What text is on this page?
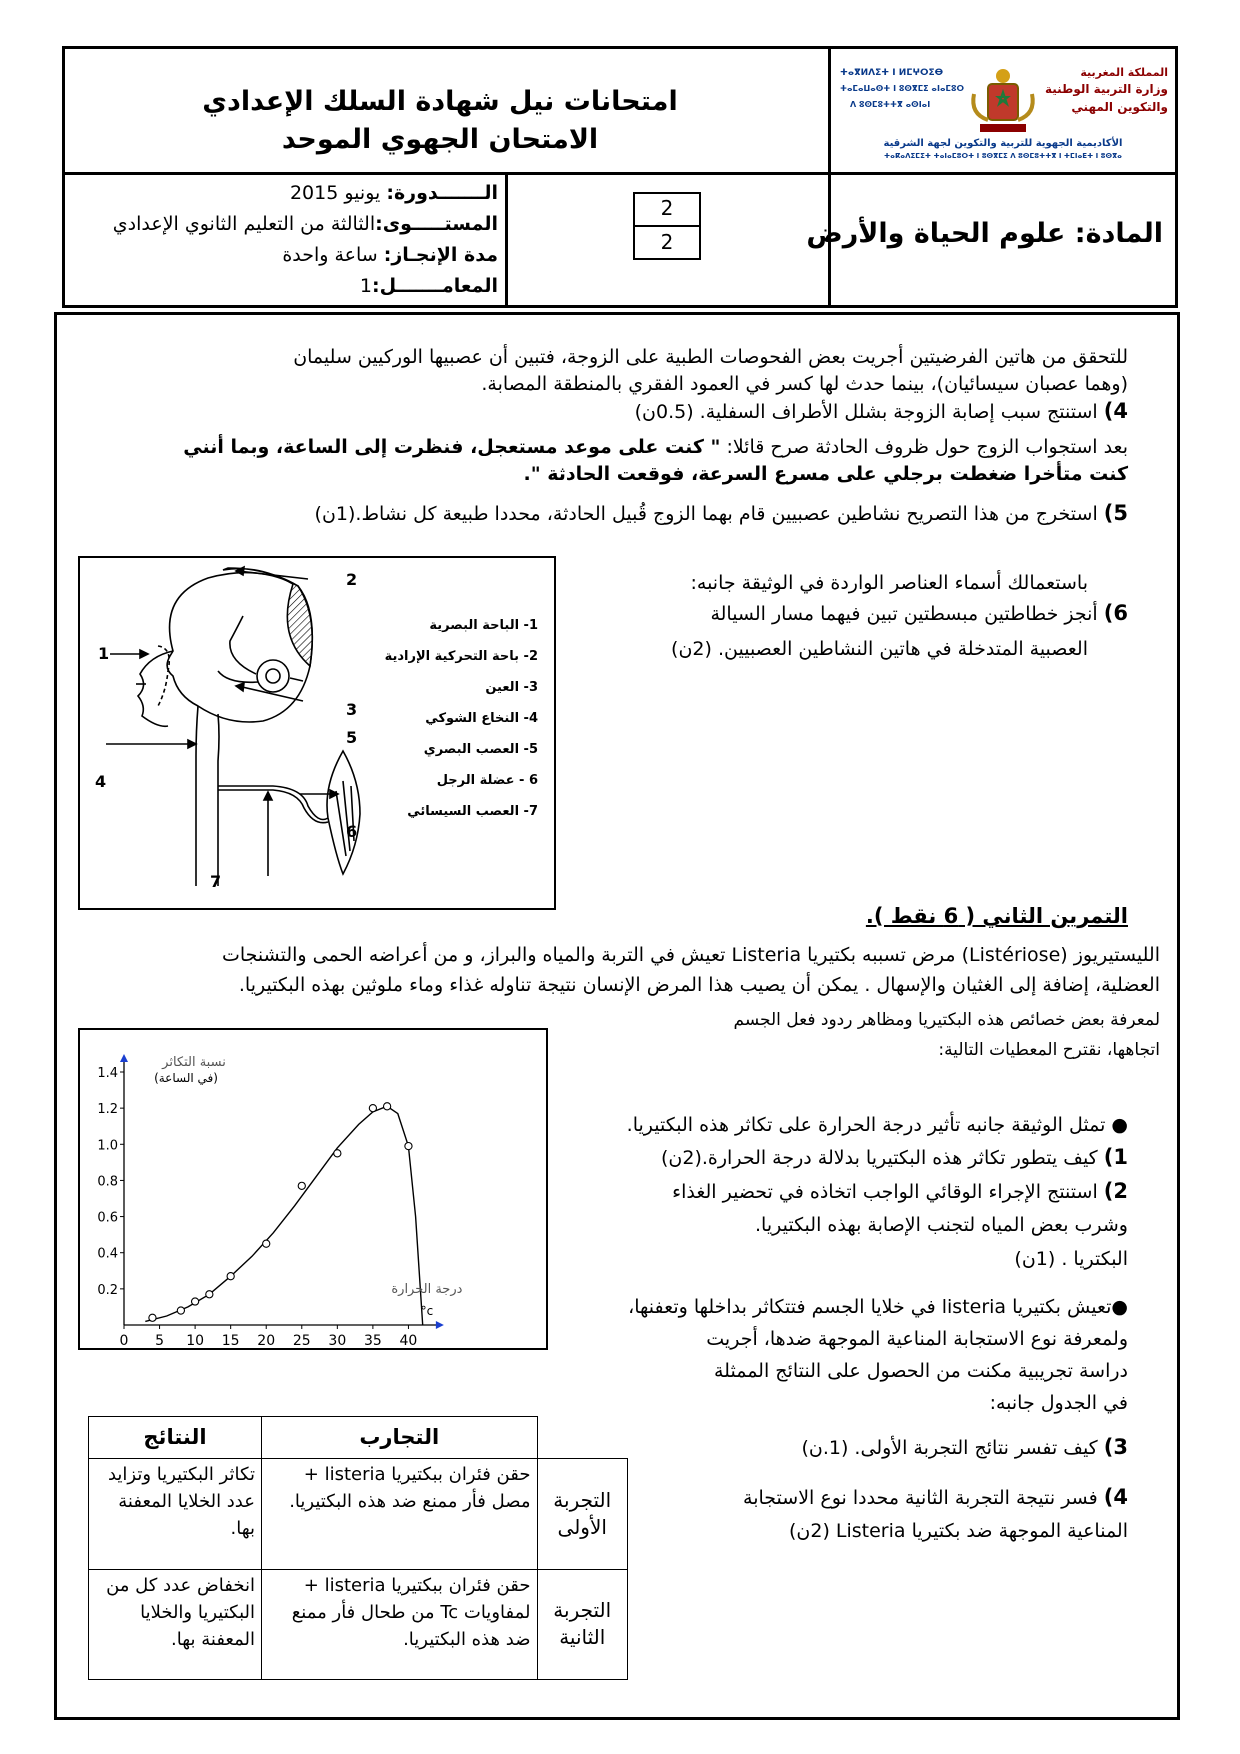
امتحانات نيل شهادة السلك الإعدادي
الامتحان الجهوي الموحد
المملكة المغربية
وزارة التربية الوطنية
والتكوين المهني
ⵜⴰⴳⵍⴷⵉⵜ ⵏ ⵍⵎⵖⵔⵉⴱ
ⵜⴰⵎⴰⵡⴰⵙⵜ ⵏ ⵓⵙⴳⵎⵉ ⴰⵏⴰⵎⵓⵔ
ⴷ ⵓⵙⵎⵓⵜⵜⴳ ⴰⵙⵏⴰⵏ
الأكاديمية الجهوية للتربية والتكوين لجهة الشرقية
ⵜⴰⴽⴰⴷⵉⵎⵉⵜ ⵜⴰⵏⴰⵎⵓⵔⵜ ⵏ ⵓⵙⴳⵎⵉ ⴷ ⵓⵙⵎⵓⵜⵜⴳ ⵏ ⵜⵎⵏⴰⴹⵜ ⵏ ⵓⵙⴳⴰ
المادة: علوم الحياة والأرض
2
2
الـــــــدورة: يونيو 2015
المستـــــوى:الثالثة من التعليم الثانوي الإعدادي
مدة الإنجـاز: ساعة واحدة
المعامـــــــل:1
للتحقق من هاتين الفرضيتين أجريت بعض الفحوصات الطبية على الزوجة، فتبين أن عصبيها الوركيين سليمان
(وهما عصبان سيسائيان)، بينما حدث لها كسر في العمود الفقري بالمنطقة المصابة.
4) استنتج سبب إصابة الزوجة بشلل الأطراف السفلية. (0.5ن)
بعد استجواب الزوج حول ظروف الحادثة صرح قائلا: " كنت على موعد مستعجل، فنظرت إلى الساعة، وبما أنني
كنت متأخرا ضغطت برجلي على مسرع السرعة، فوقعت الحادثة ".
5) استخرج من هذا التصريح نشاطين عصبيين قام بهما الزوج قُبيل الحادثة، محددا طبيعة كل نشاط.(1ن)
باستعمالك أسماء العناصر الواردة في الوثيقة جانبه:
6) أنجز خطاطتين مبسطتين تبين فيهما مسار السيالة
العصبية المتدخلة في هاتين النشاطين العصبيين. (2ن)
1
2
3
5
4
6
7
1- الباحة البصرية
2- باحة التحركية الإرادية
3- العين
4- النخاع الشوكي
5- العصب البصري
6 - عضلة الرجل
7- العصب السيسائي
التمرين الثاني ( 6 نقط ).
الليستيريوز (Listériose) مرض تسببه بكتيريا Listeria تعيش في التربة والمياه والبراز، و من أعراضه الحمى والتشنجات
العضلية، إضافة إلى الغثيان والإسهال . يمكن أن يصيب هذا المرض الإنسان نتيجة تناوله غذاء وماء ملوثين بهذه البكتيريا.
لمعرفة بعض خصائص هذه البكتيريا ومظاهر ردود فعل الجسم
اتجاهها، نقترح المعطيات التالية:
0 5 10 15 20 25 30 35 40
0.2
0.4
0.6
0.8
1.0
1.2
1.4
نسبة التكاثر
(في الساعة)
درجة الحرارة
°c
● تمثل الوثيقة جانبه تأثير درجة الحرارة على تكاثر هذه البكتيريا.
1) كيف يتطور تكاثر هذه البكتيريا بدلالة درجة الحرارة.(2ن)
2) استنتج الإجراء الوقائي الواجب اتخاذه في تحضير الغذاء
وشرب بعض المياه لتجنب الإصابة بهذه البكتيريا.
البكتريا . (1ن)
●تعيش بكتيريا listeria في خلايا الجسم فتتكاثر بداخلها وتعفنها،
ولمعرفة نوع الاستجابة المناعية الموجهة ضدها، أجريت
دراسة تجريبية مكنت من الحصول على النتائج الممثلة
في الجدول جانبه:
3) كيف تفسر نتائج التجربة الأولى. (1.ن)
4) فسر نتيجة التجربة الثانية محددا نوع الاستجابة
المناعية الموجهة ضد بكتيريا Listeria (2ن)
	التجارب	النتائج
التجربة الأولى	حقن فئران ببكتيريا listeria + مصل فأر ممنع ضد هذه البكتيريا.	تكاثر البكتيريا وتزايد عدد الخلايا المعفنة بها.
التجربة الثانية	حقن فئران ببكتيريا listeria + لمفاويات Tc من طحال فأر ممنع ضد هذه البكتيريا.	انخفاض عدد كل من البكتيريا والخلايا المعفنة بها.
